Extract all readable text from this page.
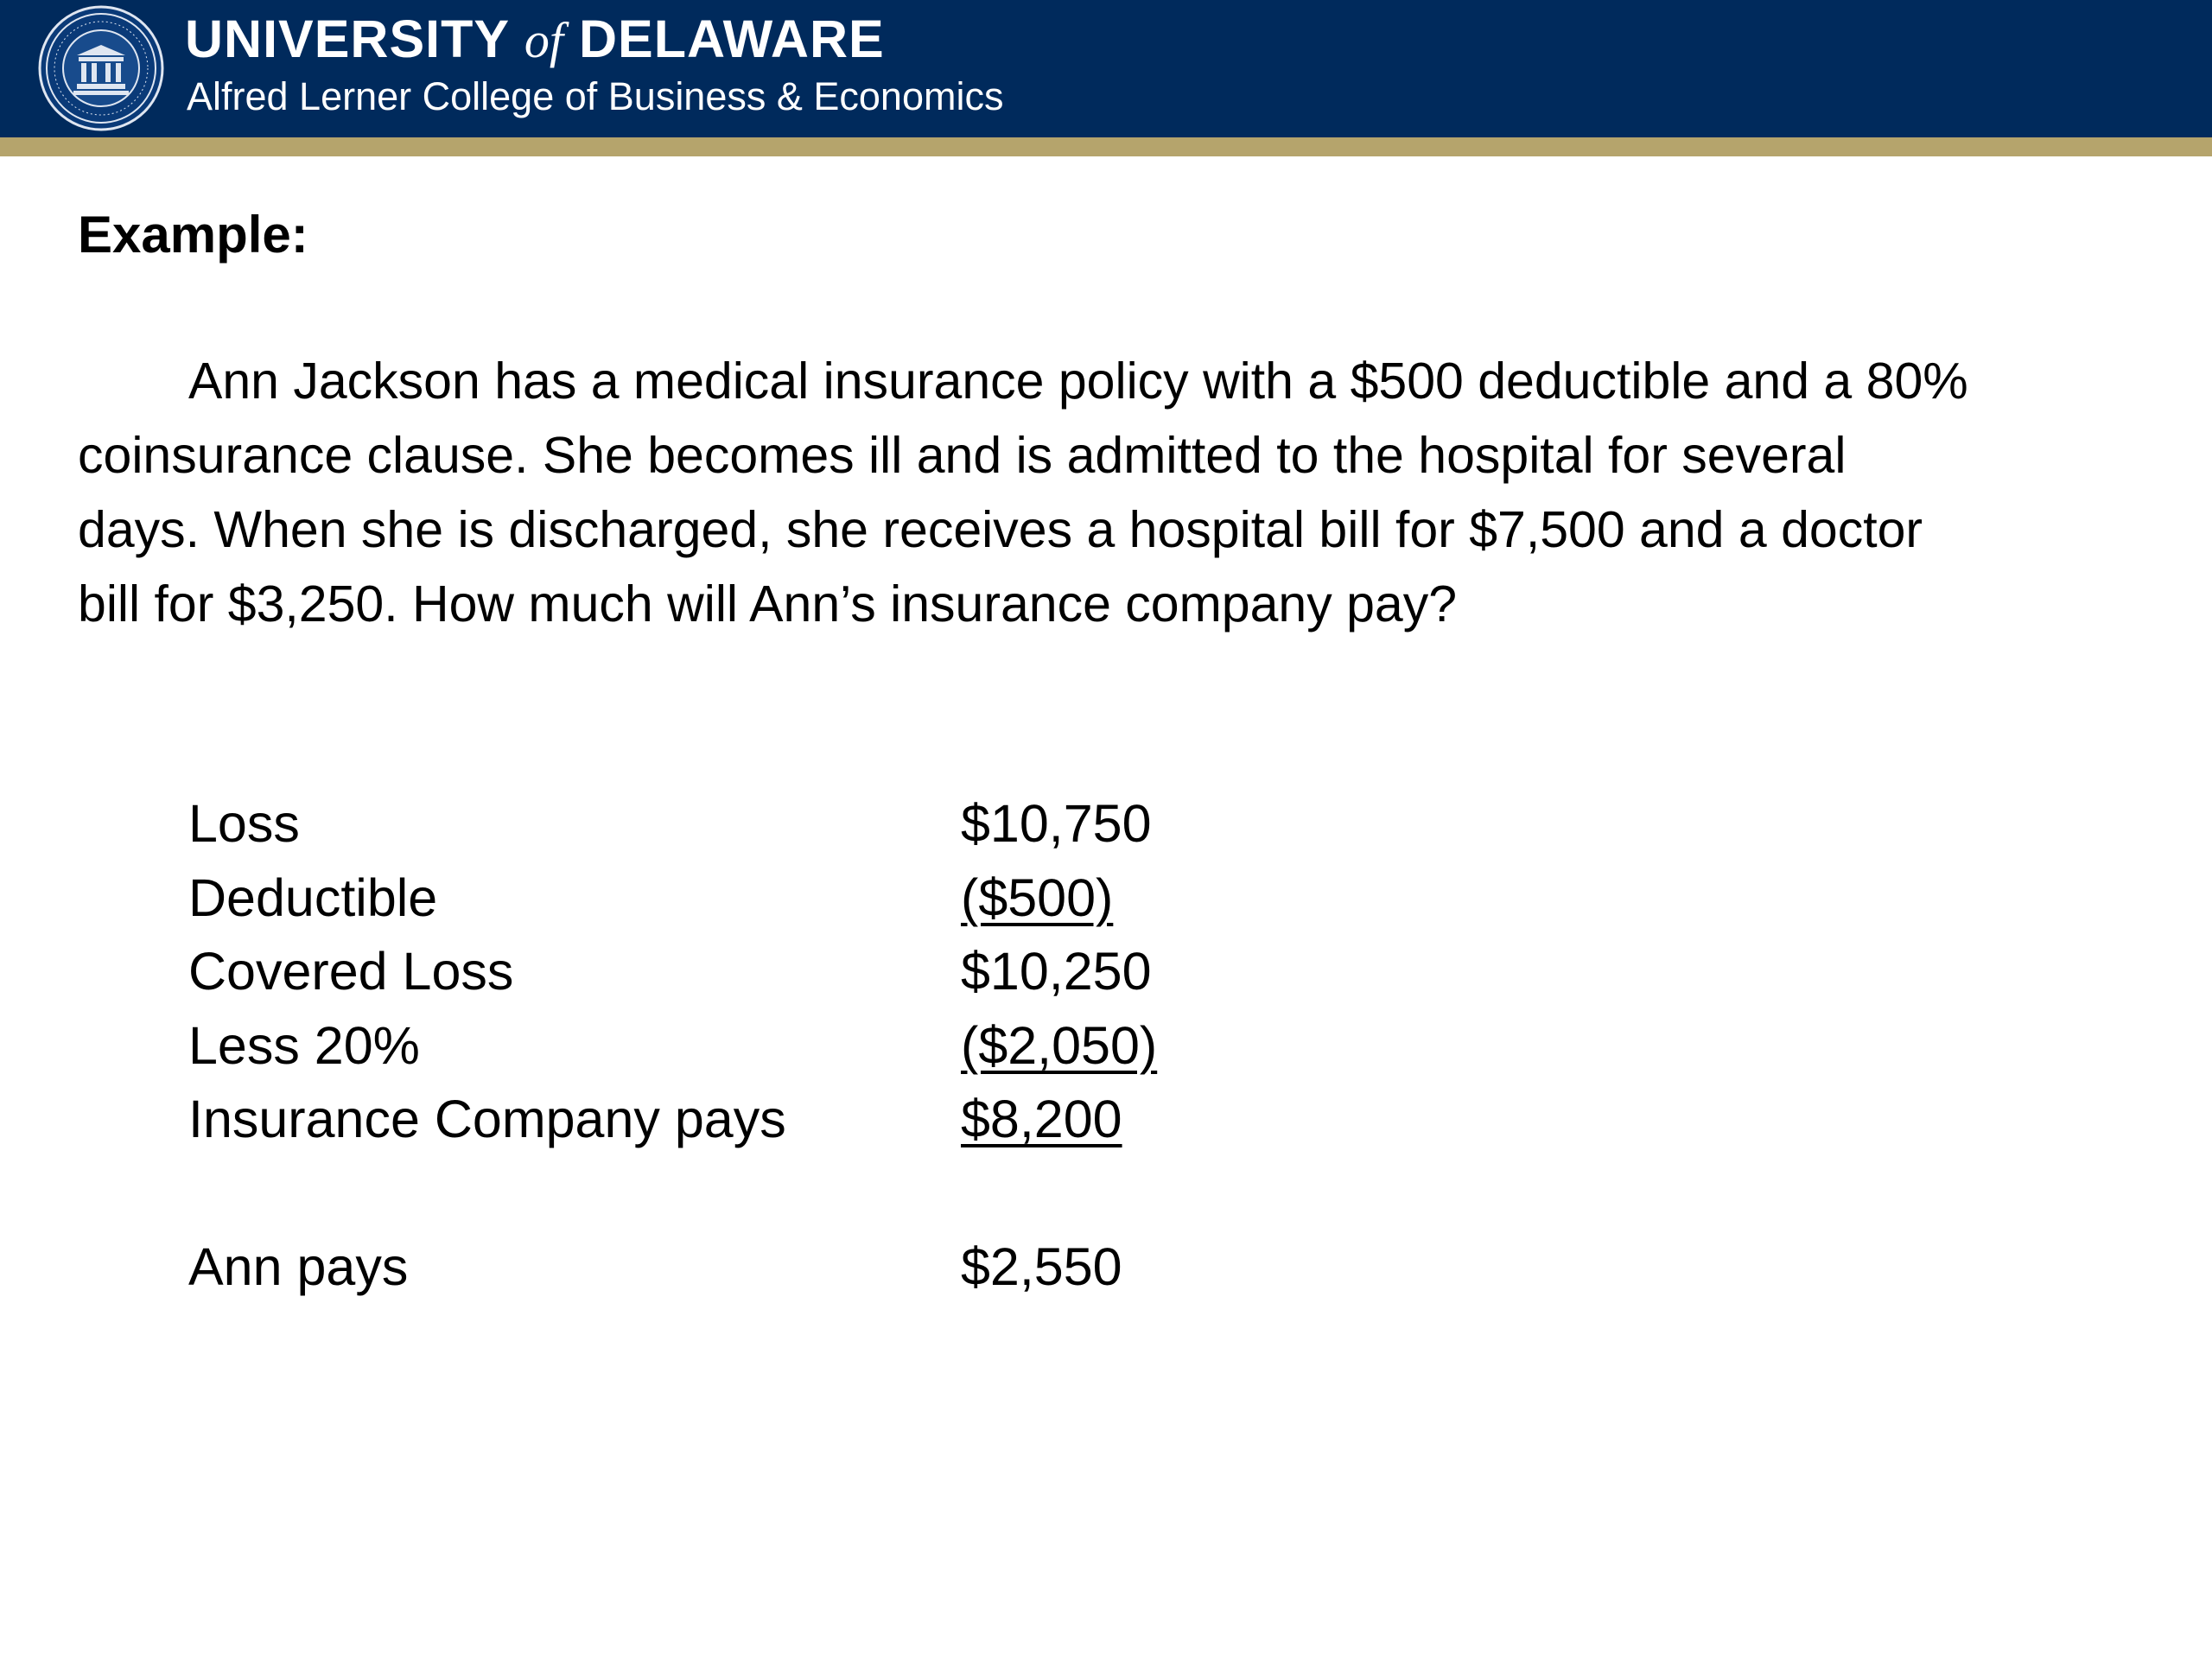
UNIVERSITY of DELAWARE
Alfred Lerner College of Business & Economics
Example:
Ann Jackson has a medical insurance policy with a $500 deductible and a 80%
coinsurance clause. She becomes ill and is admitted to the hospital for several
days. When she is discharged, she receives a hospital bill for $7,500 and a doctor
bill for $3,250. How much will Ann’s insurance company pay?
Loss	$10,750
Deductible	($500)
Covered Loss	$10,250
Less 20%	($2,050)
Insurance Company pays	$8,200
Ann pays	$2,550
